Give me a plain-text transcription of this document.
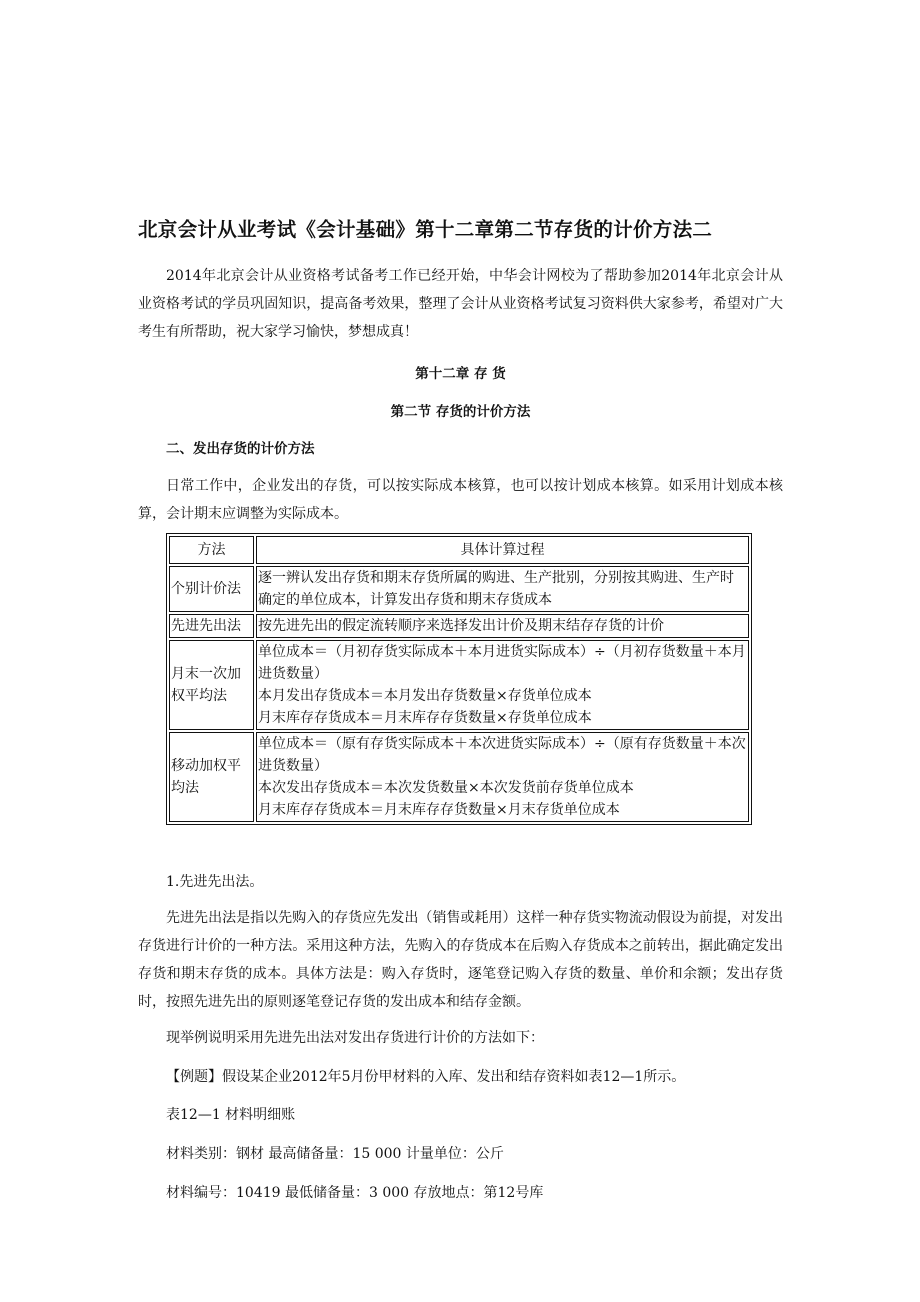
北京会计从业考试《会计基础》第十二章第二节存货的计价方法二
2014年北京会计从业资格考试备考工作已经开始，中华会计网校为了帮助参加2014年北京会计从业资格考试的学员巩固知识，提高备考效果，整理了会计从业资格考试复习资料供大家参考，希望对广大考生有所帮助，祝大家学习愉快，梦想成真！
第十二章 存 货
第二节 存货的计价方法
二、发出存货的计价方法
日常工作中，企业发出的存货，可以按实际成本核算，也可以按计划成本核算。如采用计划成本核算，会计期末应调整为实际成本。
方法	具体计算过程
个别计价法	逐一辨认发出存货和期末存货所属的购进、生产批别，分别按其购进、生产时确定的单位成本，计算发出存货和期末存货成本

先进先出法	按先进先出的假定流转顺序来选择发出计价及期末结存存货的计价

月末一次加权平均法	单位成本＝（月初存货实际成本＋本月进货实际成本）÷（月初存货数量＋本月进货数量）
本月发出存货成本＝本月发出存货数量×存货单位成本
月末库存存货成本＝月末库存存货数量×存货单位成本

移动加权平均法	单位成本＝（原有存货实际成本＋本次进货实际成本）÷（原有存货数量＋本次进货数量）
本次发出存货成本＝本次发货数量×本次发货前存货单位成本
月末库存存货成本＝月末库存存货数量×月末存货单位成本
1.先进先出法。
先进先出法是指以先购入的存货应先发出（销售或耗用）这样一种存货实物流动假设为前提，对发出存货进行计价的一种方法。采用这种方法，先购入的存货成本在后购入存货成本之前转出，据此确定发出存货和期末存货的成本。具体方法是：购入存货时，逐笔登记购入存货的数量、单价和余额；发出存货时，按照先进先出的原则逐笔登记存货的发出成本和结存金额。
现举例说明采用先进先出法对发出存货进行计价的方法如下：
【例题】假设某企业2012年5月份甲材料的入库、发出和结存资料如表12—1所示。
表12—1 材料明细账
材料类别：钢材 最高储备量：15 000 计量单位：公斤
材料编号：10419 最低储备量：3 000 存放地点：第12号库
